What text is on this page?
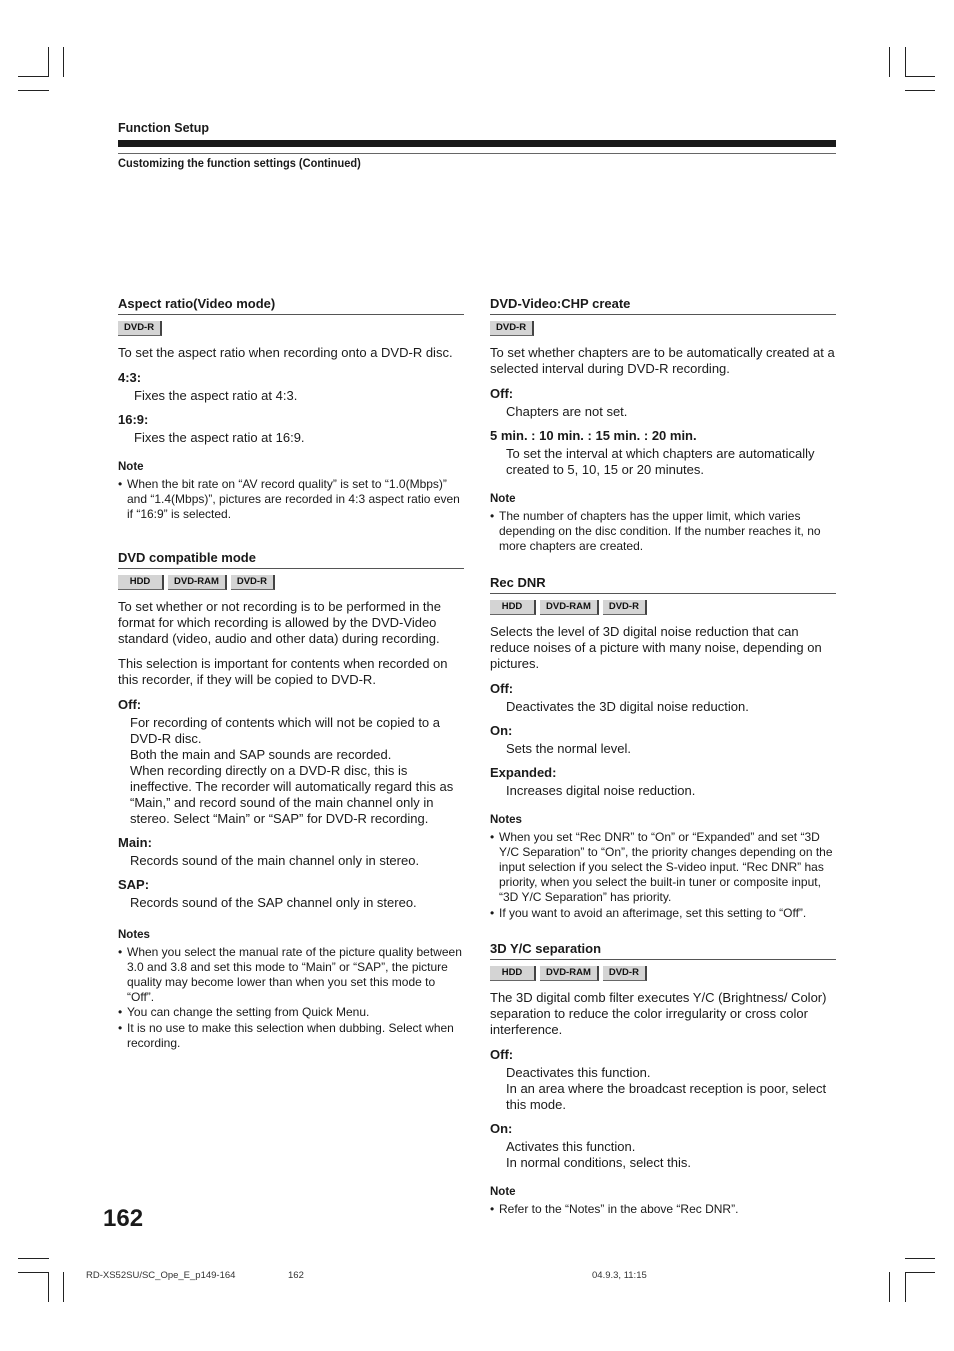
Function Setup
Customizing the function settings (Continued)
Aspect ratio(Video mode)
DVD-R

To set the aspect ratio when recording onto a DVD-R disc.

4:3:
Fixes the aspect ratio at 4:3.
16:9:
Fixes the aspect ratio at 16:9.
Note
• When the bit rate on “AV record quality” is set to “1.0(Mbps)” and “1.4(Mbps)”, pictures are recorded in 4:3 aspect ratio even if “16:9” is selected.
DVD compatible mode
HDD	DVD-RAM	DVD-R

To set whether or not recording is to be performed in the format for which recording is allowed by the DVD-Video standard (video, audio and other data) during recording.

This selection is important for contents when recorded on this recorder, if they will be copied to DVD-R.

Off:
For recording of contents which will not be copied to a DVD-R disc.
Both the main and SAP sounds are recorded.
When recording directly on a DVD-R disc, this is ineffective. The recorder will automatically regard this as “Main,” and record sound of the main channel only in stereo. Select “Main” or “SAP” for DVD-R recording.
Main:
Records sound of the main channel only in stereo.
SAP:
Records sound of the SAP channel only in stereo.
Notes
• When you select the manual rate of the picture quality between 3.0 and 3.8 and set this mode to “Main” or “SAP”, the picture quality may become lower than when you set this mode to “Off”.
• You can change the setting from Quick Menu.
• It is no use to make this selection when dubbing. Select when recording.
DVD-Video:CHP create
DVD-R

To set whether chapters are to be automatically created at a selected interval during DVD-R recording.

Off:
Chapters are not set.
5 min. : 10 min. : 15 min. : 20 min.
To set the interval at which chapters are automatically created to 5, 10, 15 or 20 minutes.
Note
• The number of chapters has the upper limit, which varies depending on the disc condition. If the number reaches it, no more chapters are created.
Rec DNR
HDD	DVD-RAM	DVD-R

Selects the level of 3D digital noise reduction that can reduce noises of a picture with many noise, depending on pictures.

Off:
Deactivates the 3D digital noise reduction.
On:
Sets the normal level.
Expanded:
Increases digital noise reduction.
Notes
• When you set “Rec DNR” to “On” or “Expanded” and set “3D Y/C Separation” to “On”, the priority changes depending on the input selection if you select the S-video input. “Rec DNR” has priority, when you select the built-in tuner or composite input, “3D Y/C Separation” has priority.
• If you want to avoid an afterimage, set this setting to “Off”.
3D Y/C separation
HDD	DVD-RAM	DVD-R

The 3D digital comb filter executes Y/C (Brightness/ Color) separation to reduce the color irregularity or cross color interference.

Off:
Deactivates this function.
In an area where the broadcast reception is poor, select this mode.
On:
Activates this function.
In normal conditions, select this.
Note
• Refer to the “Notes” in the above “Rec DNR”.
162
RD-XS52SU/SC_Ope_E_p149-164	162	04.9.3, 11:15
